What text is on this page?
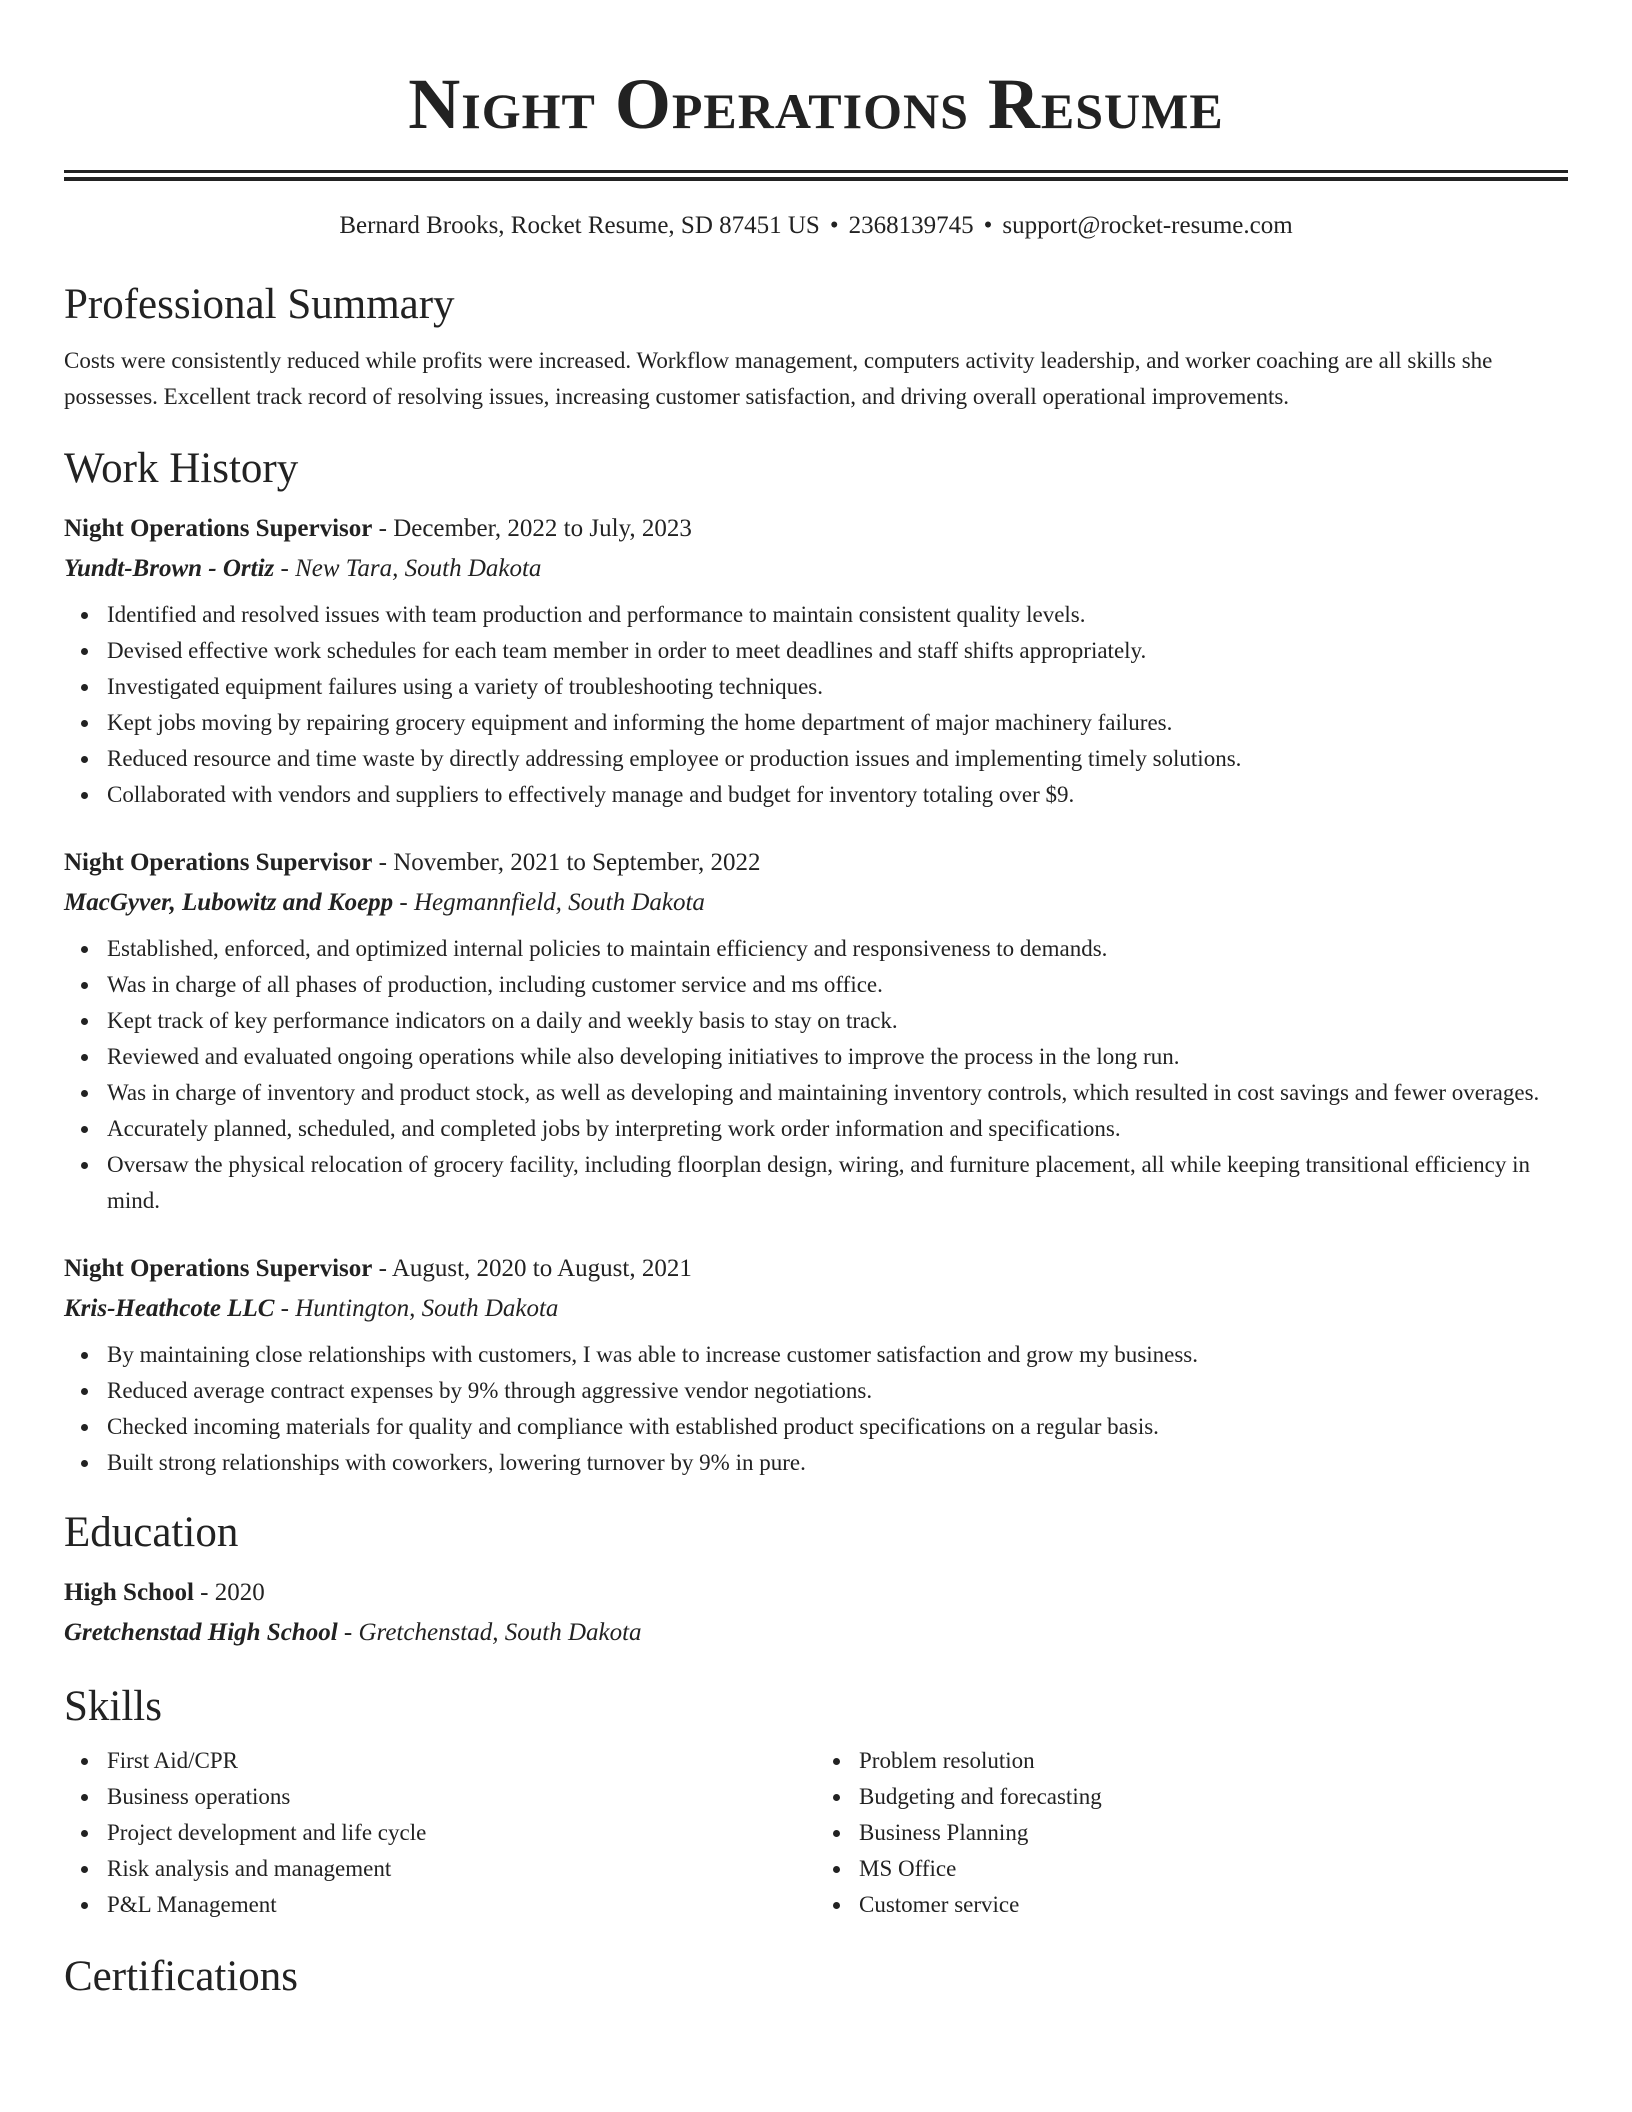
Night Operations Resume
Bernard Brooks, Rocket Resume, SD 87451 US • 2368139745 • support@rocket-resume.com
Professional Summary
Costs were consistently reduced while profits were increased. Workflow management, computers activity leadership, and worker coaching are all skills she possesses. Excellent track record of resolving issues, increasing customer satisfaction, and driving overall operational improvements.
Work History
Night Operations Supervisor - December, 2022 to July, 2023
Yundt-Brown - Ortiz - New Tara, South Dakota
Identified and resolved issues with team production and performance to maintain consistent quality levels.
Devised effective work schedules for each team member in order to meet deadlines and staff shifts appropriately.
Investigated equipment failures using a variety of troubleshooting techniques.
Kept jobs moving by repairing grocery equipment and informing the home department of major machinery failures.
Reduced resource and time waste by directly addressing employee or production issues and implementing timely solutions.
Collaborated with vendors and suppliers to effectively manage and budget for inventory totaling over $9.
Night Operations Supervisor - November, 2021 to September, 2022
MacGyver, Lubowitz and Koepp - Hegmannfield, South Dakota
Established, enforced, and optimized internal policies to maintain efficiency and responsiveness to demands.
Was in charge of all phases of production, including customer service and ms office.
Kept track of key performance indicators on a daily and weekly basis to stay on track.
Reviewed and evaluated ongoing operations while also developing initiatives to improve the process in the long run.
Was in charge of inventory and product stock, as well as developing and maintaining inventory controls, which resulted in cost savings and fewer overages.
Accurately planned, scheduled, and completed jobs by interpreting work order information and specifications.
Oversaw the physical relocation of grocery facility, including floorplan design, wiring, and furniture placement, all while keeping transitional efficiency in mind.
Night Operations Supervisor - August, 2020 to August, 2021
Kris-Heathcote LLC - Huntington, South Dakota
By maintaining close relationships with customers, I was able to increase customer satisfaction and grow my business.
Reduced average contract expenses by 9% through aggressive vendor negotiations.
Checked incoming materials for quality and compliance with established product specifications on a regular basis.
Built strong relationships with coworkers, lowering turnover by 9% in pure.
Education
High School - 2020
Gretchenstad High School - Gretchenstad, South Dakota
Skills
First Aid/CPR
Business operations
Project development and life cycle
Risk analysis and management
P&L Management
Problem resolution
Budgeting and forecasting
Business Planning
MS Office
Customer service
Certifications
